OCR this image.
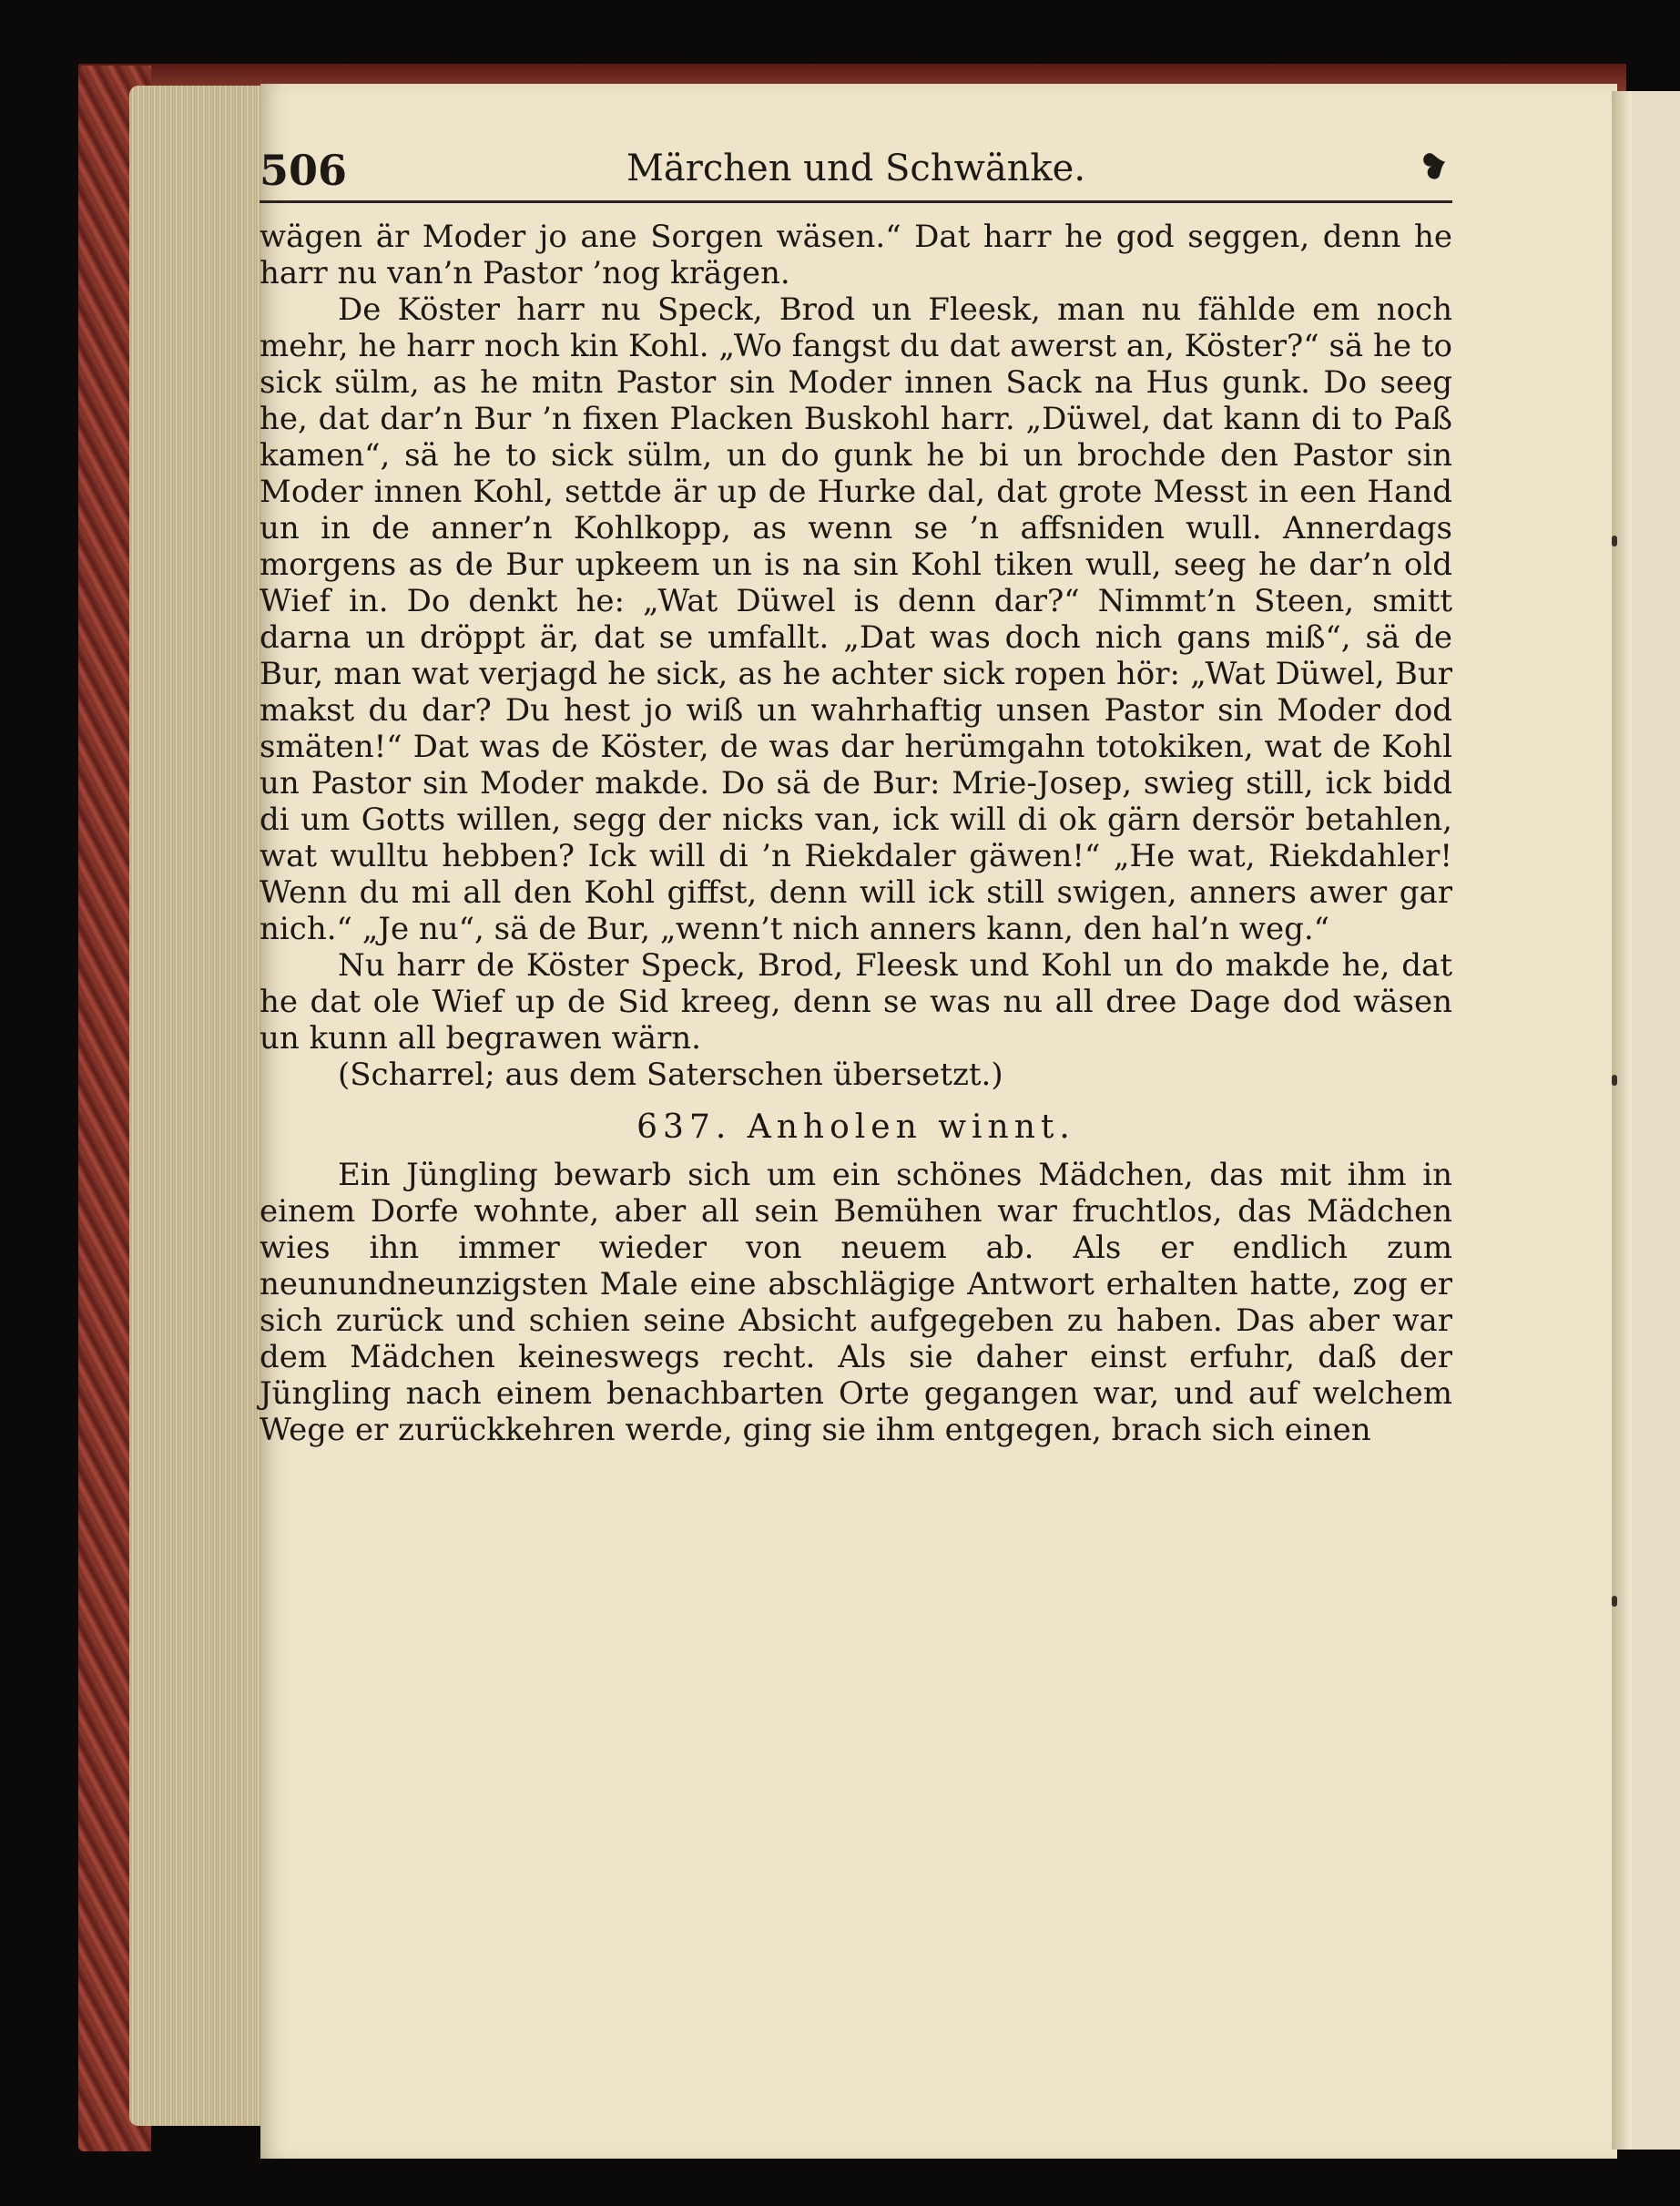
506	Märchen und Schwänke.	❥

wägen är Moder jo ane Sorgen wäsen.“ Dat harr he god seggen, denn he harr nu van’n Pastor ’nog krägen.

De Köster harr nu Speck, Brod un Fleesk, man nu fählde em noch mehr, he harr noch kin Kohl. „Wo fangst du dat awerst an, Köster?“ sä he to sick sülm, as he mitn Pastor sin Moder innen Sack na Hus gunk. Do seeg he, dat dar’n Bur ’n fixen Placken Buskohl harr. „Düwel, dat kann di to Paß kamen“, sä he to sick sülm, un do gunk he bi un brochde den Pastor sin Moder innen Kohl, settde är up de Hurke dal, dat grote Messt in een Hand un in de anner’n Kohlkopp, as wenn se ’n affsniden wull. Annerdags morgens as de Bur upkeem un is na sin Kohl tiken wull, seeg he dar’n old Wief in. Do denkt he: „Wat Düwel is denn dar?“ Nimmt’n Steen, smitt darna un dröppt är, dat se umfallt. „Dat was doch nich gans miß“, sä de Bur, man wat verjagd he sick, as he achter sick ropen hör: „Wat Düwel, Bur makst du dar? Du hest jo wiß un wahrhaftig unsen Pastor sin Moder dod smäten!“ Dat was de Köster, de was dar herümgahn totokiken, wat de Kohl un Pastor sin Moder makde. Do sä de Bur: Mrie-Josep, swieg still, ick bidd di um Gotts willen, segg der nicks van, ick will di ok gärn dersör betahlen, wat wulltu hebben? Ick will di ’n Riekdaler gäwen!“ „He wat, Riekdahler! Wenn du mi all den Kohl giffst, denn will ick still swigen, anners awer gar nich.“ „Je nu“, sä de Bur, „wenn’t nich anners kann, den hal’n weg.“

Nu harr de Köster Speck, Brod, Fleesk und Kohl un do makde he, dat he dat ole Wief up de Sid kreeg, denn se was nu all dree Dage dod wäsen un kunn all begrawen wärn.

(Scharrel; aus dem Saterschen übersetzt.)

637. Anholen winnt.

Ein Jüngling bewarb sich um ein schönes Mädchen, das mit ihm in einem Dorfe wohnte, aber all sein Bemühen war fruchtlos, das Mädchen wies ihn immer wieder von neuem ab. Als er endlich zum neunundneunzigsten Male eine abschlägige Antwort erhalten hatte, zog er sich zurück und schien seine Absicht aufgegeben zu haben. Das aber war dem Mädchen keineswegs recht. Als sie daher einst erfuhr, daß der Jüngling nach einem benachbarten Orte gegangen war, und auf welchem Wege er zurückkehren werde, ging sie ihm entgegen, brach sich einen
